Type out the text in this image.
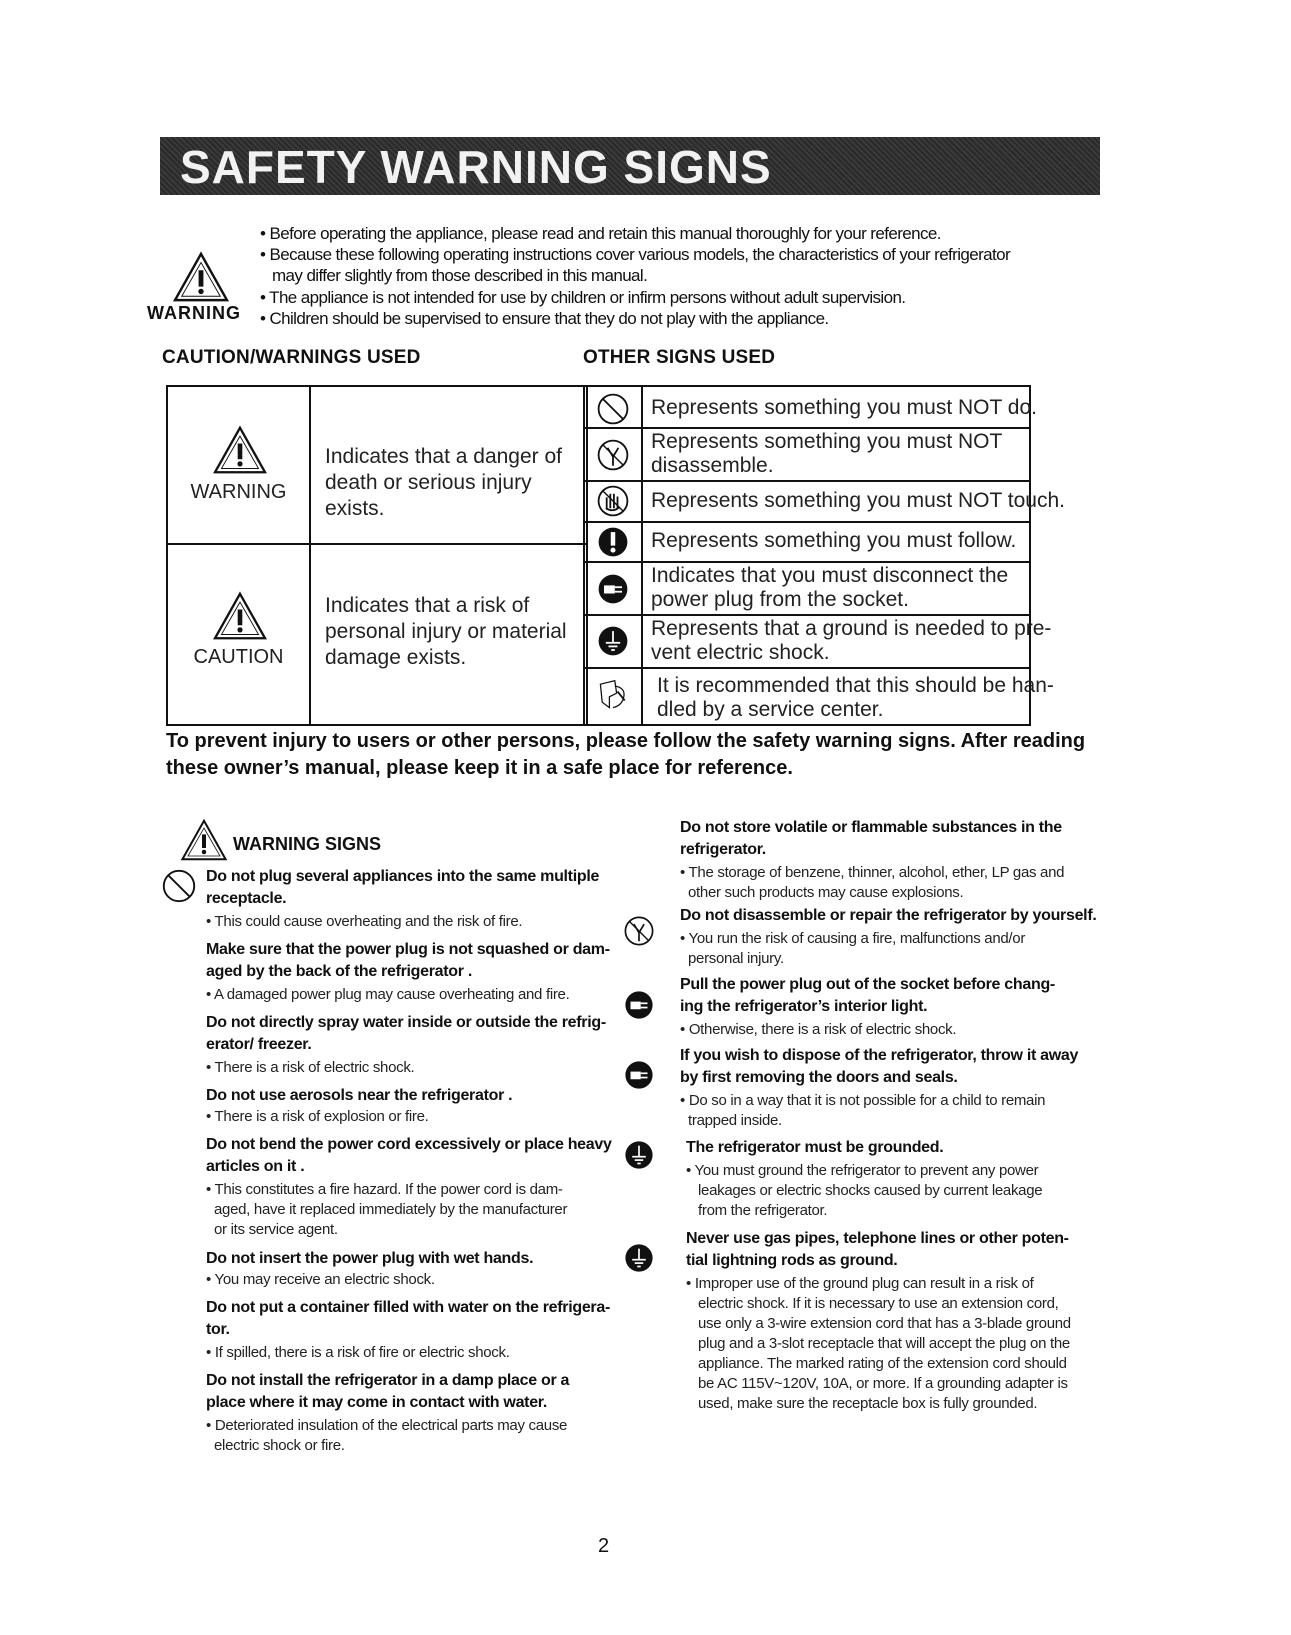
SAFETY WARNING SIGNS
WARNING
• Before operating the appliance, please read and retain this manual thoroughly for your reference.
• Because these following operating instructions cover various models, the characteristics of your refrigerator
may differ slightly from those described in this manual.
• The appliance is not intended for use by children or infirm persons without adult supervision.
• Children should be supervised to ensure that they do not play with the appliance.
CAUTION/WARNINGS USED	OTHER SIGNS USED
WARNING
Indicates that a danger of
death or serious injury exists.
CAUTION
Indicates that a risk of
personal injury or material
damage exists.
Represents something you must NOT do.
Represents something you must NOT
disassemble.
Represents something you must NOT touch.
Represents something you must follow.
Indicates that you must disconnect the
power plug from the socket.
Represents that a ground is needed to pre-
vent electric shock.
It is recommended that this should be han-
dled by a service center.
To prevent injury to users or other persons, please follow the safety warning signs. After reading
these owner’s manual, please keep it in a safe place for reference.
WARNING SIGNS
Do not plug several appliances into the same multiple
receptacle.
• This could cause overheating and the risk of fire.
Make sure that the power plug is not squashed or dam-
aged by the back of the refrigerator .
• A damaged power plug may cause overheating and fire.
Do not directly spray water inside or outside the refrig-
erator/ freezer.
• There is a risk of electric shock.
Do not use aerosols near the refrigerator .
• There is a risk of explosion or fire.
Do not bend the power cord excessively or place heavy
articles on it .
• This constitutes a fire hazard. If the power cord is dam-
aged, have it replaced immediately by the manufacturer
or its service agent.
Do not insert the power plug with wet hands.
• You may receive an electric shock.
Do not put a container filled with water on the refrigera-
tor.
• If spilled, there is a risk of fire or electric shock.
Do not install the refrigerator in a damp place or a
place where it may come in contact with water.
• Deteriorated insulation of the electrical parts may cause
electric shock or fire.
Do not store volatile or flammable substances in the
refrigerator.
• The storage of benzene, thinner, alcohol, ether, LP gas and
other such products may cause explosions.
Do not disassemble or repair the refrigerator by yourself.
• You run the risk of causing a fire, malfunctions and/or
personal injury.
Pull the power plug out of the socket before chang-
ing the refrigerator’s interior light.
• Otherwise, there is a risk of electric shock.
If you wish to dispose of the refrigerator, throw it away
by first removing the doors and seals.
• Do so in a way that it is not possible for a child to remain
trapped inside.
The refrigerator must be grounded.
• You must ground the refrigerator to prevent any power
leakages or electric shocks caused by current leakage
from the refrigerator.
Never use gas pipes, telephone lines or other poten-
tial lightning rods as ground.
• Improper use of the ground plug can result in a risk of
electric shock. If it is necessary to use an extension cord,
use only a 3-wire extension cord that has a 3-blade ground
plug and a 3-slot receptacle that will accept the plug on the
appliance. The marked rating of the extension cord should
be AC 115V~120V, 10A, or more. If a grounding adapter is
used, make sure the receptacle box is fully grounded.
2
